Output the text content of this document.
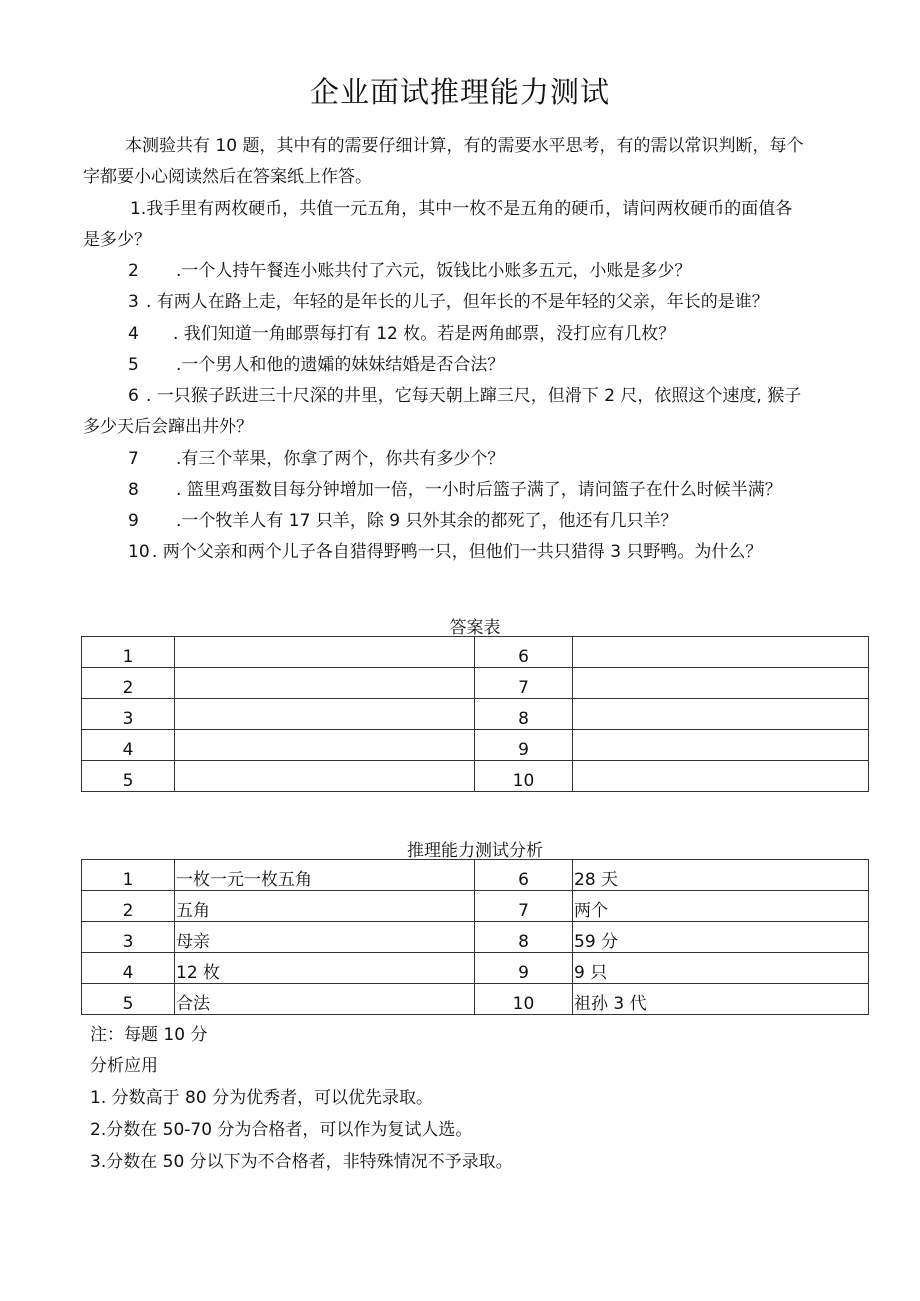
企业面试推理能力测试
本测验共有 10 题，其中有的需要仔细计算，有的需要水平思考，有的需以常识判断，每个
字都要小心阅读然后在答案纸上作答。
1.我手里有两枚硬币，共值一元五角，其中一枚不是五角的硬币，请问两枚硬币的面值各
是多少？
2 .一个人持午餐连小账共付了六元，饭钱比小账多五元，小账是多少？
3 . 有两人在路上走，年轻的是年长的儿子，但年长的不是年轻的父亲，年长的是谁？
4 . 我们知道一角邮票每打有 12 枚。若是两角邮票，没打应有几枚？
5 .一个男人和他的遗孀的妹妹结婚是否合法？
6 . 一只猴子跃进三十尺深的井里，它每天朝上蹿三尺，但滑下 2 尺，依照这个速度, 猴子
多少天后会蹿出井外？
7 .有三个苹果，你拿了两个，你共有多少个？
8 . 篮里鸡蛋数目每分钟增加一倍，一小时后篮子满了，请问篮子在什么时候半满？
9 .一个牧羊人有 17 只羊，除 9 只外其余的都死了，他还有几只羊？
10 . 两个父亲和两个儿子各自猎得野鸭一只，但他们一共只猎得 3 只野鸭。为什么？
答案表
1		6	
2		7	
3		8	
4		9	
5		10	
推理能力测试分析
1	一枚一元一枚五角	6	28 天
2	五角	7	两个
3	母亲	8	59 分
4	12 枚	9	9 只
5	合法	10	祖孙 3 代
注：每题 10 分
分析应用
1. 分数高于 80 分为优秀者，可以优先录取。
2.分数在 50-70 分为合格者，可以作为复试人选。
3.分数在 50 分以下为不合格者，非特殊情况不予录取。
